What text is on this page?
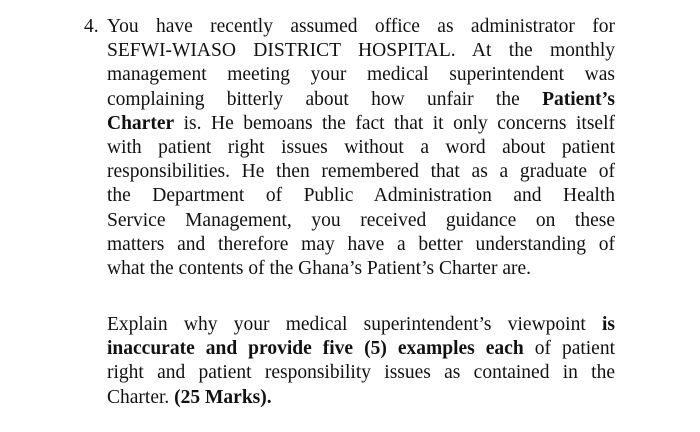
4. You have recently assumed office as administrator for
SEFWI-WIASO DISTRICT HOSPITAL. At the monthly
management meeting your medical superintendent was
complaining bitterly about how unfair the Patient’s
Charter is. He bemoans the fact that it only concerns itself
with patient right issues without a word about patient
responsibilities. He then remembered that as a graduate of
the Department of Public Administration and Health
Service Management, you received guidance on these
matters and therefore may have a better understanding of
what the contents of the Ghana’s Patient’s Charter are.
Explain why your medical superintendent’s viewpoint is
inaccurate and provide five (5) examples each of patient
right and patient responsibility issues as contained in the
Charter. (25 Marks).
